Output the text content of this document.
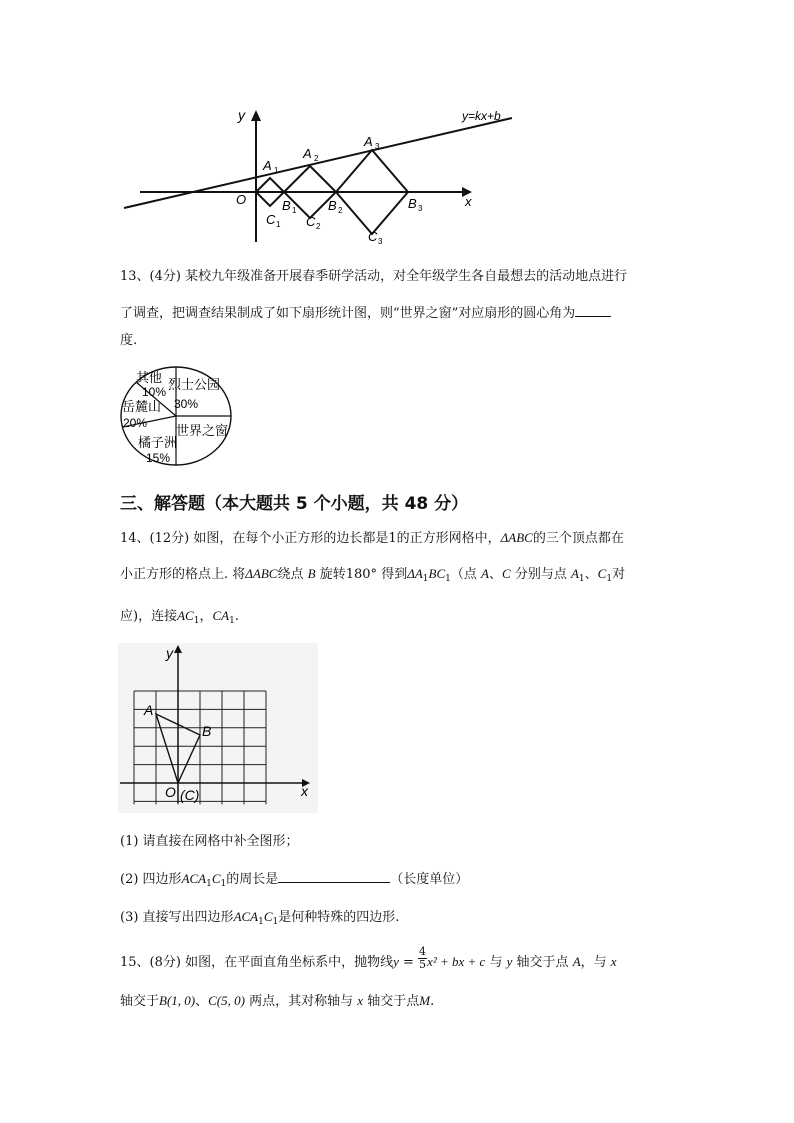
y
x
y=kx+b
O
A 1
A 2
A 3
B 1 B 2	B 3
C 1 C 2
C 3
13、(4分) 某校九年级准备开展春季研学活动，对全年级学生各自最想去的活动地点进行
了调查，把调查结果制成了如下扇形统计图，则“世界之窗”对应扇形的圆心角为
度.
烈士公园
30%
世界之窗
橘子洲
15%
岳麓山
20%
其他
10%
三、解答题（本大题共 5 个小题，共 48 分）
14、(12分) 如图，在每个小正方形的边长都是1的正方形网格中，ΔABC的三个顶点都在
小正方形的格点上. 将ΔABC绕点 B 旋转180° 得到$\Delta A_1BC_1$（点 A、C 分别与点 $A_1$、$C_1$对
应)，连接$AC_1$，$CA_1$.
y
x
A
B
O (C)
(1) 请直接在网格中补全图形；
(2) 四边形$ACA_1C_1$的周长是	（长度单位）
(3) 直接写出四边形$ACA_1C_1$是何种特殊的四边形.
15、(8分) 如图，在平面直角坐标系中，抛物线$y = \frac{4}{5} x^2$ + bx + c 与 y 轴交于点 A，与 x
轴交于B(1, 0)、C(5, 0) 两点，其对称轴与 x 轴交于点M.
